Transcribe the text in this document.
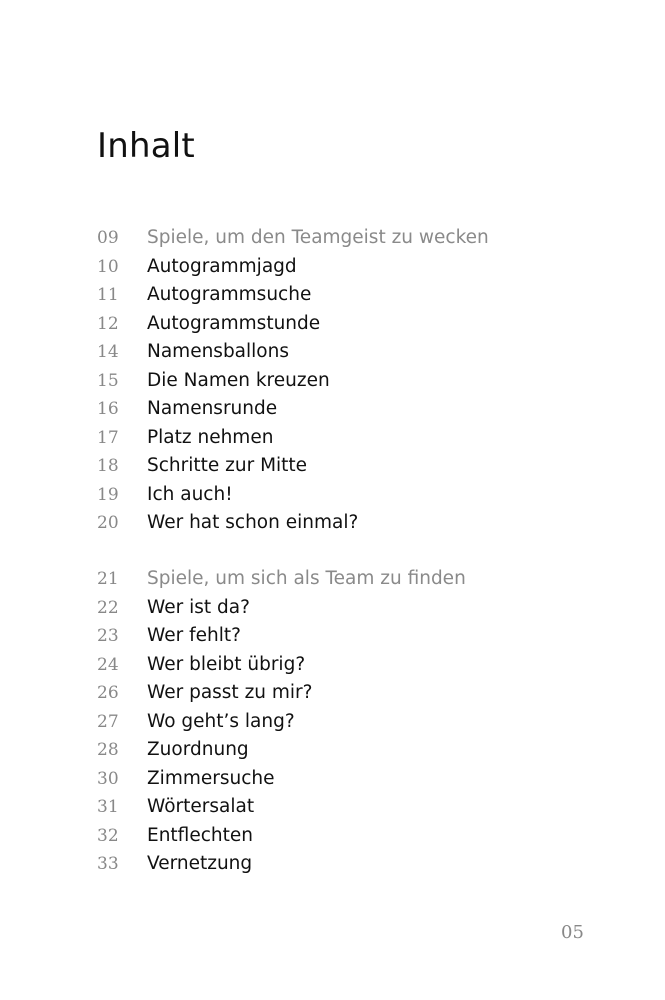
Inhalt
09	Spiele, um den Teamgeist zu wecken
10	Autogrammjagd
11	Autogrammsuche
12	Autogrammstunde
14	Namensballons
15	Die Namen kreuzen
16	Namensrunde
17	Platz nehmen
18	Schritte zur Mitte
19	Ich auch!
20	Wer hat schon einmal?
21	Spiele, um sich als Team zu finden
22	Wer ist da?
23	Wer fehlt?
24	Wer bleibt übrig?
26	Wer passt zu mir?
27	Wo geht’s lang?
28	Zuordnung
30	Zimmersuche
31	Wörtersalat
32	Entflechten
33	Vernetzung
05
